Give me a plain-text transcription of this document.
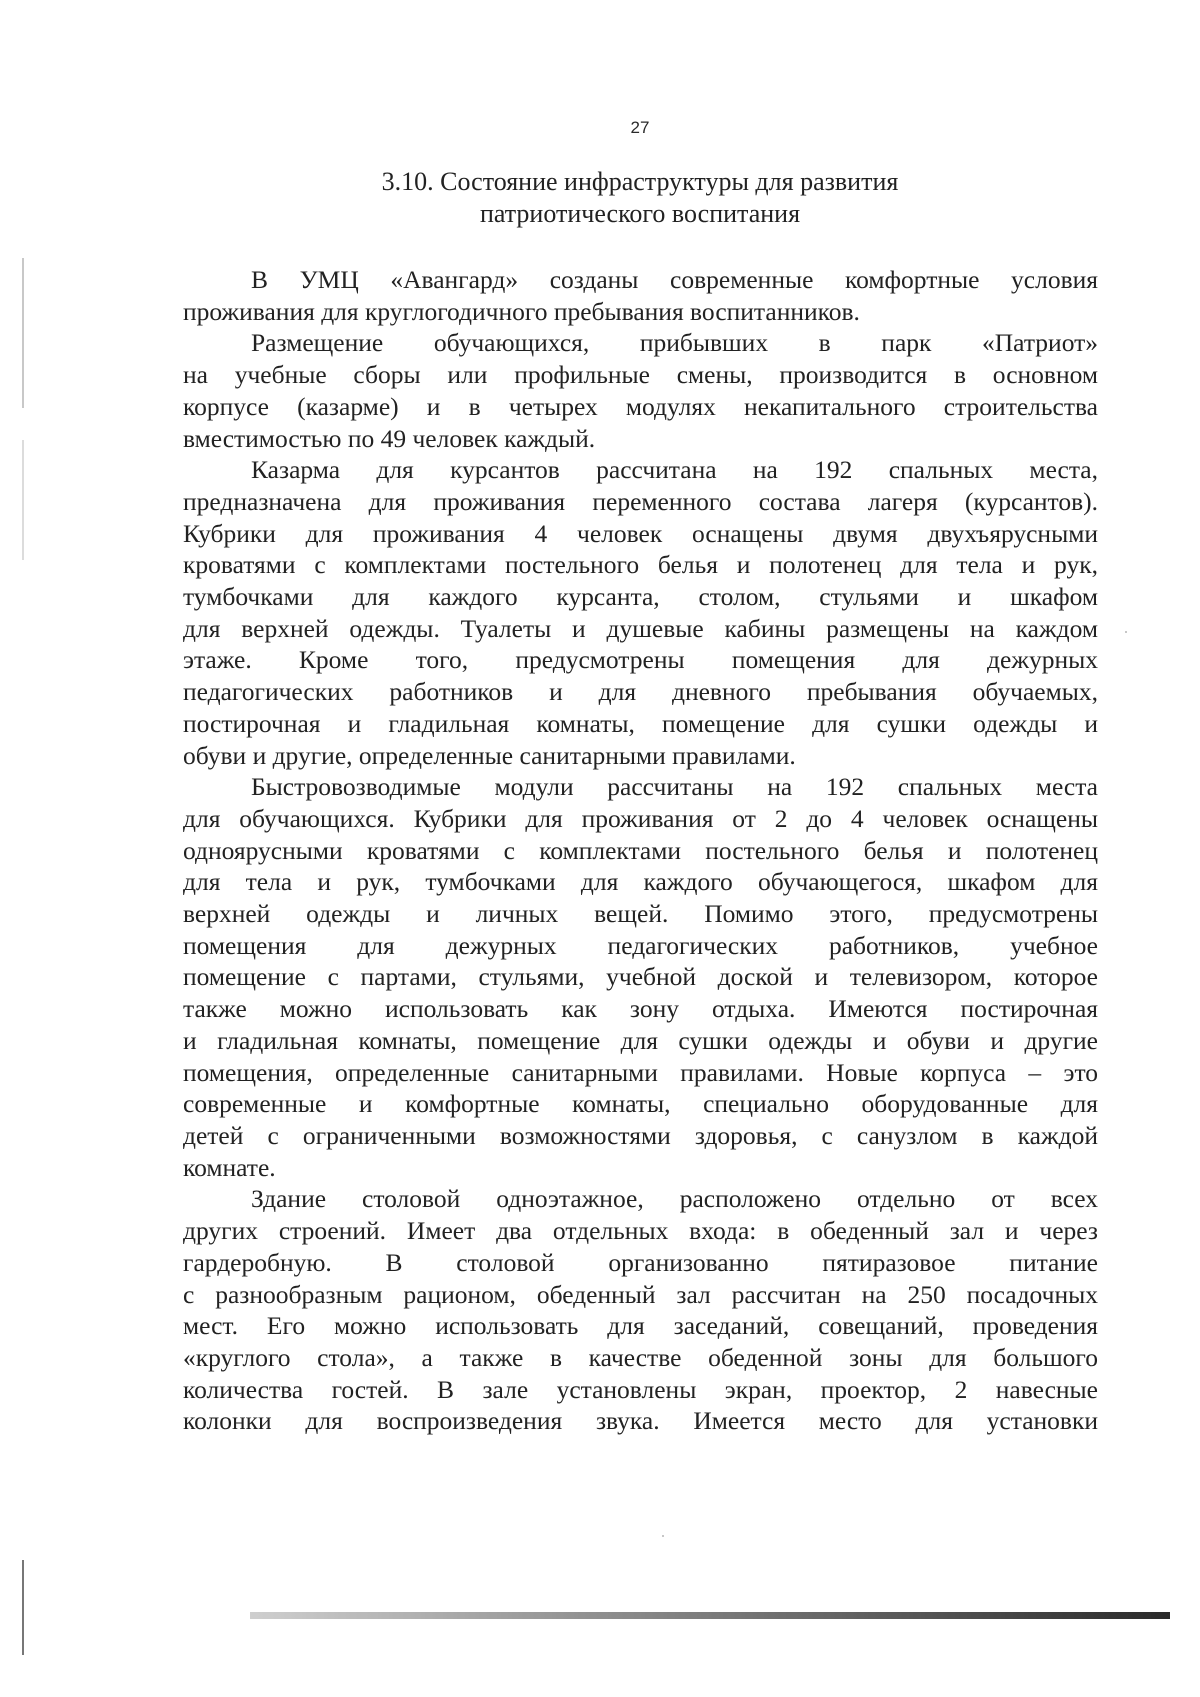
27
3.10. Состояние инфраструктуры для развития
патриотического воспитания
В УМЦ «Авангард» созданы современные комфортные условия
проживания для круглогодичного пребывания воспитанников.
Размещение обучающихся, прибывших в парк «Патриот»
на учебные сборы или профильные смены, производится в основном
корпусе (казарме) и в четырех модулях некапитального строительства
вместимостью по 49 человек каждый.
Казарма для курсантов рассчитана на 192 спальных места,
предназначена для проживания переменного состава лагеря (курсантов).
Кубрики для проживания 4 человек оснащены двумя двухъярусными
кроватями с комплектами постельного белья и полотенец для тела и рук,
тумбочками для каждого курсанта, столом, стульями и шкафом
для верхней одежды. Туалеты и душевые кабины размещены на каждом
этаже. Кроме того, предусмотрены помещения для дежурных
педагогических работников и для дневного пребывания обучаемых,
постирочная и гладильная комнаты, помещение для сушки одежды и
обуви и другие, определенные санитарными правилами.
Быстровозводимые модули рассчитаны на 192 спальных места
для обучающихся. Кубрики для проживания от 2 до 4 человек оснащены
одноярусными кроватями с комплектами постельного белья и полотенец
для тела и рук, тумбочками для каждого обучающегося, шкафом для
верхней одежды и личных вещей. Помимо этого, предусмотрены
помещения для дежурных педагогических работников, учебное
помещение с партами, стульями, учебной доской и телевизором, которое
также можно использовать как зону отдыха. Имеются постирочная
и гладильная комнаты, помещение для сушки одежды и обуви и другие
помещения, определенные санитарными правилами. Новые корпуса – это
современные и комфортные комнаты, специально оборудованные для
детей с ограниченными возможностями здоровья, с санузлом в каждой
комнате.
Здание столовой одноэтажное, расположено отдельно от всех
других строений. Имеет два отдельных входа: в обеденный зал и через
гардеробную. В столовой организованно пятиразовое питание
с разнообразным рационом, обеденный зал рассчитан на 250 посадочных
мест. Его можно использовать для заседаний, совещаний, проведения
«круглого стола», а также в качестве обеденной зоны для большого
количества гостей. В зале установлены экран, проектор, 2 навесные
колонки для воспроизведения звука. Имеется место для установки
